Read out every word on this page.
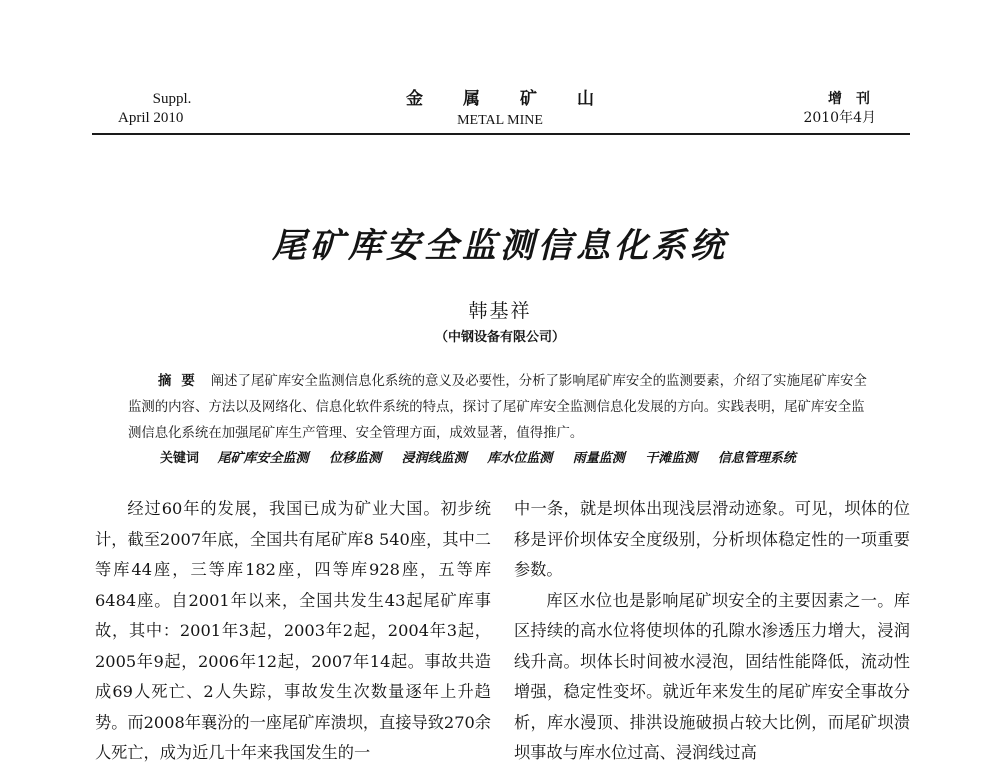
Suppl.
April 2010
金属矿山
METAL MINE
增刊
2010年4月
尾矿库安全监测信息化系统
韩基祥
（中钢设备有限公司）
摘要 阐述了尾矿库安全监测信息化系统的意义及必要性，分析了影响尾矿库安全的监测要素，介绍了实施尾矿库安全监测的内容、方法以及网络化、信息化软件系统的特点，探讨了尾矿库安全监测信息化发展的方向。实践表明，尾矿库安全监测信息化系统在加强尾矿库生产管理、安全管理方面，成效显著，值得推广。
关键词 尾矿库安全监测 位移监测 浸润线监测 库水位监测 雨量监测 干滩监测 信息管理系统

经过60年的发展，我国已成为矿业大国。初步统计，截至2007年底，全国共有尾矿库8 540座，其中二等库44座，三等库182座，四等库928座，五等库6484座。自2001年以来，全国共发生43起尾矿库事故，其中：2001年3起，2003年2起，2004年3起，2005年9起，2006年12起，2007年14起。事故共造成69人死亡、2人失踪，事故发生次数量逐年上升趋势。而2008年襄汾的一座尾矿库溃坝，直接导致270余人死亡，成为近几十年来我国发生的一

中一条，就是坝体出现浅层滑动迹象。可见，坝体的位移是评价坝体安全度级别，分析坝体稳定性的一项重要参数。

库区水位也是影响尾矿坝安全的主要因素之一。库区持续的高水位将使坝体的孔隙水渗透压力增大，浸润线升高。坝体长时间被水浸泡，固结性能降低，流动性增强，稳定性变坏。就近年来发生的尾矿库安全事故分析，库水漫顶、排洪设施破损占较大比例，而尾矿坝溃坝事故与库水位过高、浸润线过高
